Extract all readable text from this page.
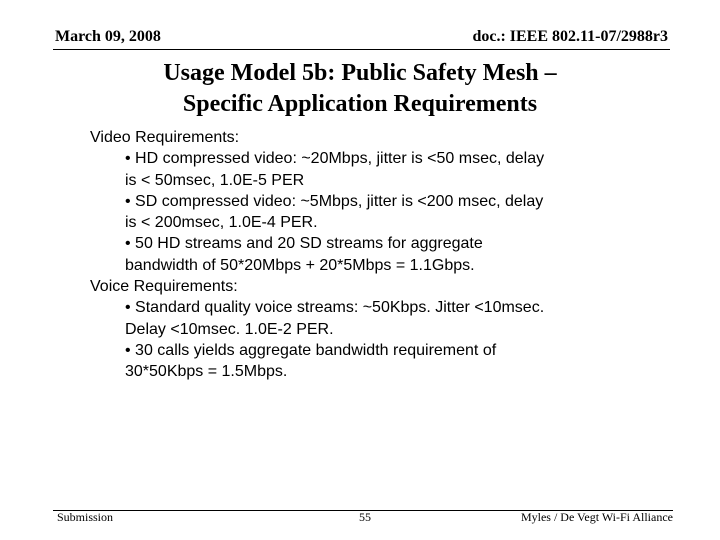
March 09, 2008	doc.: IEEE 802.11-07/2988r3
Usage Model 5b: Public Safety Mesh –
Specific Application Requirements
Video Requirements:
• HD compressed video: ~20Mbps, jitter is <50 msec, delay
is < 50msec, 1.0E-5 PER
• SD compressed video: ~5Mbps, jitter is <200 msec, delay
is < 200msec, 1.0E-4 PER.
• 50 HD streams and 20 SD streams for aggregate
bandwidth of 50*20Mbps + 20*5Mbps = 1.1Gbps.
Voice Requirements:
• Standard quality voice streams: ~50Kbps. Jitter <10msec.
Delay <10msec. 1.0E-2 PER.
• 30 calls yields aggregate bandwidth requirement of
30*50Kbps = 1.5Mbps.
Submission	55	Myles / De Vegt Wi-Fi Alliance
